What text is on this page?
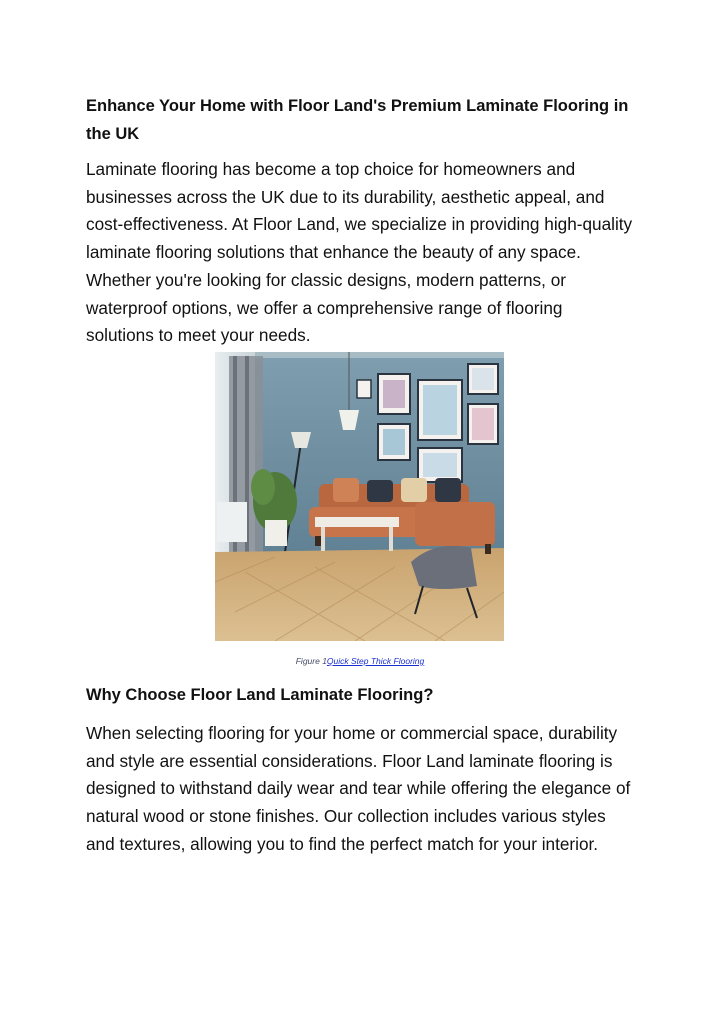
Enhance Your Home with Floor Land's Premium Laminate Flooring in the UK

Laminate flooring has become a top choice for homeowners and businesses across the UK due to its durability, aesthetic appeal, and cost-effectiveness. At Floor Land, we specialize in providing high-quality laminate flooring solutions that enhance the beauty of any space. Whether you're looking for classic designs, modern patterns, or waterproof options, we offer a comprehensive range of flooring solutions to meet your needs.

Figure 1Quick Step Thick Flooring
Why Choose Floor Land Laminate Flooring?

When selecting flooring for your home or commercial space, durability and style are essential considerations. Floor Land laminate flooring is designed to withstand daily wear and tear while offering the elegance of natural wood or stone finishes. Our collection includes various styles and textures, allowing you to find the perfect match for your interior.
